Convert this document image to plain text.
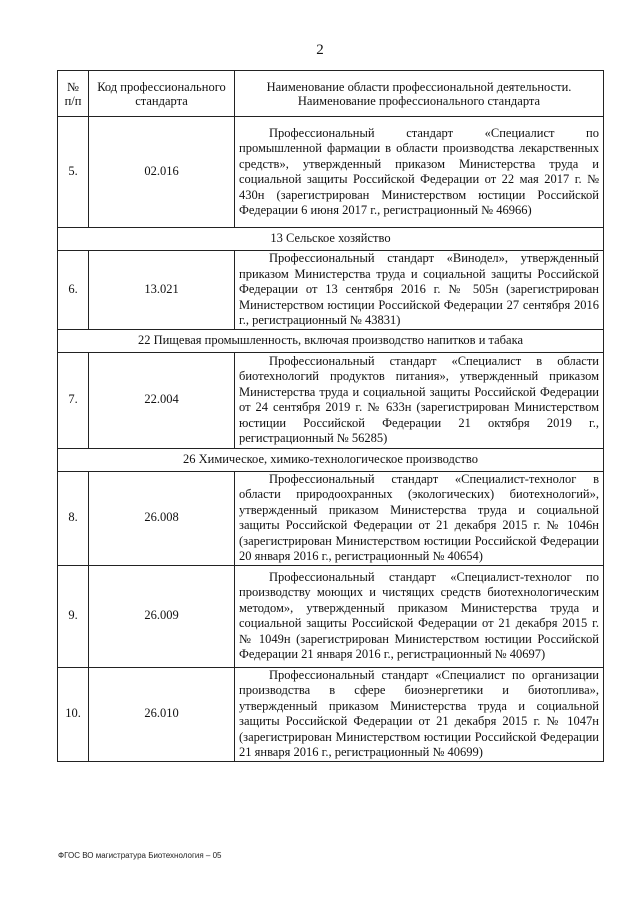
2
№ п/п	Код профессионального стандарта	Наименование области профессиональной деятельности.
Наименование профессионального стандарта

5.	02.016	Профессиональный стандарт «Специалист по промышленной фармации в области производства лекарственных средств», утвержденный приказом Министерства труда и социальной защиты Российской Федерации от 22 мая 2017 г. № 430н (зарегистрирован Министерством юстиции Российской Федерации 6 июня 2017 г., регистрационный № 46966)
13 Сельское хозяйство		
6.	13.021	Профессиональный стандарт «Винодел», утвержденный приказом Министерства труда и социальной защиты Российской Федерации от 13 сентября 2016 г. № 505н (зарегистрирован Министерством юстиции Российской Федерации 27 сентября 2016 г., регистрационный № 43831)
22 Пищевая промышленность, включая производство напитков и табака		
7.	22.004	Профессиональный стандарт «Специалист в области биотехнологий продуктов питания», утвержденный приказом Министерства труда и социальной защиты Российской Федерации от 24 сентября 2019 г. № 633н (зарегистрирован Министерством юстиции Российской Федерации 21 октября 2019 г., регистрационный № 56285)
26 Химическое, химико-технологическое производство		
8.	26.008	Профессиональный стандарт «Специалист-технолог в области природоохранных (экологических) биотехнологий», утвержденный приказом Министерства труда и социальной защиты Российской Федерации от 21 декабря 2015 г. № 1046н (зарегистрирован Министерством юстиции Российской Федерации 20 января 2016 г., регистрационный № 40654)
9.	26.009	Профессиональный стандарт «Специалист-технолог по производству моющих и чистящих средств биотехнологическим методом», утвержденный приказом Министерства труда и социальной защиты Российской Федерации от 21 декабря 2015 г. № 1049н (зарегистрирован Министерством юстиции Российской Федерации 21 января 2016 г., регистрационный № 40697)
10.	26.010	Профессиональный стандарт «Специалист по организации производства в сфере биоэнергетики и биотоплива», утвержденный приказом Министерства труда и социальной защиты Российской Федерации от 21 декабря 2015 г. № 1047н (зарегистрирован Министерством юстиции Российской Федерации 21 января 2016 г., регистрационный № 40699)
ФГОС ВО магистратура Биотехнология – 05
